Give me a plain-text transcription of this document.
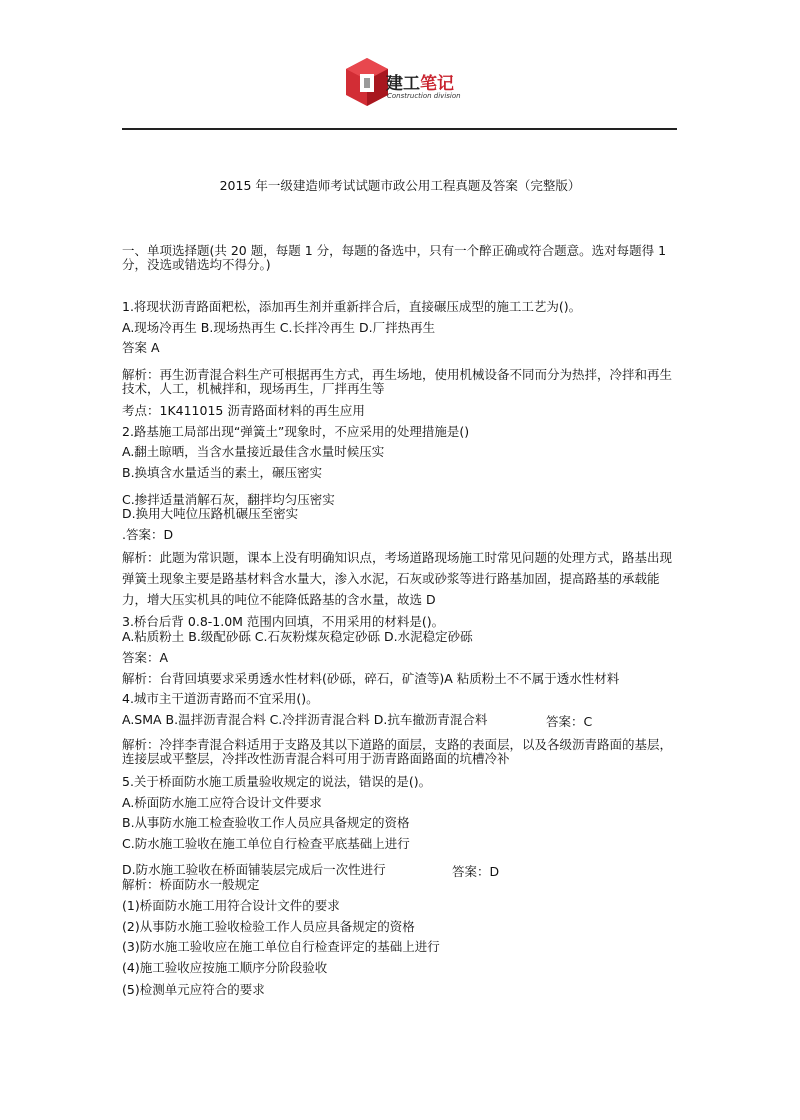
建工笔记
Construction division
2015 年一级建造师考试试题市政公用工程真题及答案（完整版）
一、单项选择题(共 20 题，每题 1 分，每题的备选中，只有一个醉正确或符合题意。选对每题得 1 分，没选或错选均不得分。)
1.将现状沥青路面粑松，添加再生剂并重新拌合后，直接碾压成型的施工工艺为()。
A.现场冷再生 B.现场热再生 C.长拌冷再生 D.厂拌热再生
答案 A
解析：再生沥青混合料生产可根据再生方式，再生场地，使用机械设备不同而分为热拌，冷拌和再生技术，人工，机械拌和，现场再生，厂拌再生等
考点：1K411015 沥青路面材料的再生应用
2.路基施工局部出现“弹簧土”现象时，不应采用的处理措施是()
A.翻土晾晒，当含水量接近最佳含水量时候压实
B.换填含水量适当的素土，碾压密实
C.掺拌适量消解石灰，翻拌均匀压密实
D.换用大吨位压路机碾压至密实
.答案：D
解析：此题为常识题，课本上没有明确知识点，考场道路现场施工时常见问题的处理方式，路基出现弹簧土现象主要是路基材料含水量大，渗入水泥，石灰或砂浆等进行路基加固，提高路基的承载能力，增大压实机具的吨位不能降低路基的含水量，故选 D
3.桥台后背 0.8-1.0M 范围内回填，不用采用的材料是()。
A.粘质粉土 B.级配砂砾 C.石灰粉煤灰稳定砂砾 D.水泥稳定砂砾
答案：A
解析：台背回填要求采勇透水性材料(砂砾，碎石，矿渣等)A 粘质粉土不不属于透水性材料
4.城市主干道沥青路而不宜采用()。
A.SMA B.温拌沥青混合料 C.冷拌沥青混合料 D.抗车撤沥青混合料	答案：C
解析：冷拌李青混合料适用于支路及其以下道路的面层，支路的表面层，以及各级沥青路面的基层，连接层或平整层，冷拌改性沥青混合料可用于沥青路面路面的坑槽冷补
5.关于桥面防水施工质量验收规定的说法，错误的是()。
A.桥面防水施工应符合设计文件要求
B.从事防水施工检查验收工作人员应具备规定的资格
C.防水施工验收在施工单位自行检查平底基础上进行
D.防水施工验收在桥面铺装层完成后一次性进行	答案：D
解析：桥面防水一般规定
(1)桥面防水施工用符合设计文件的要求
(2)从事防水施工验收检验工作人员应具备规定的资格
(3)防水施工验收应在施工单位自行检查评定的基础上进行
(4)施工验收应按施工顺序分阶段验收
(5)检测单元应符合的要求
